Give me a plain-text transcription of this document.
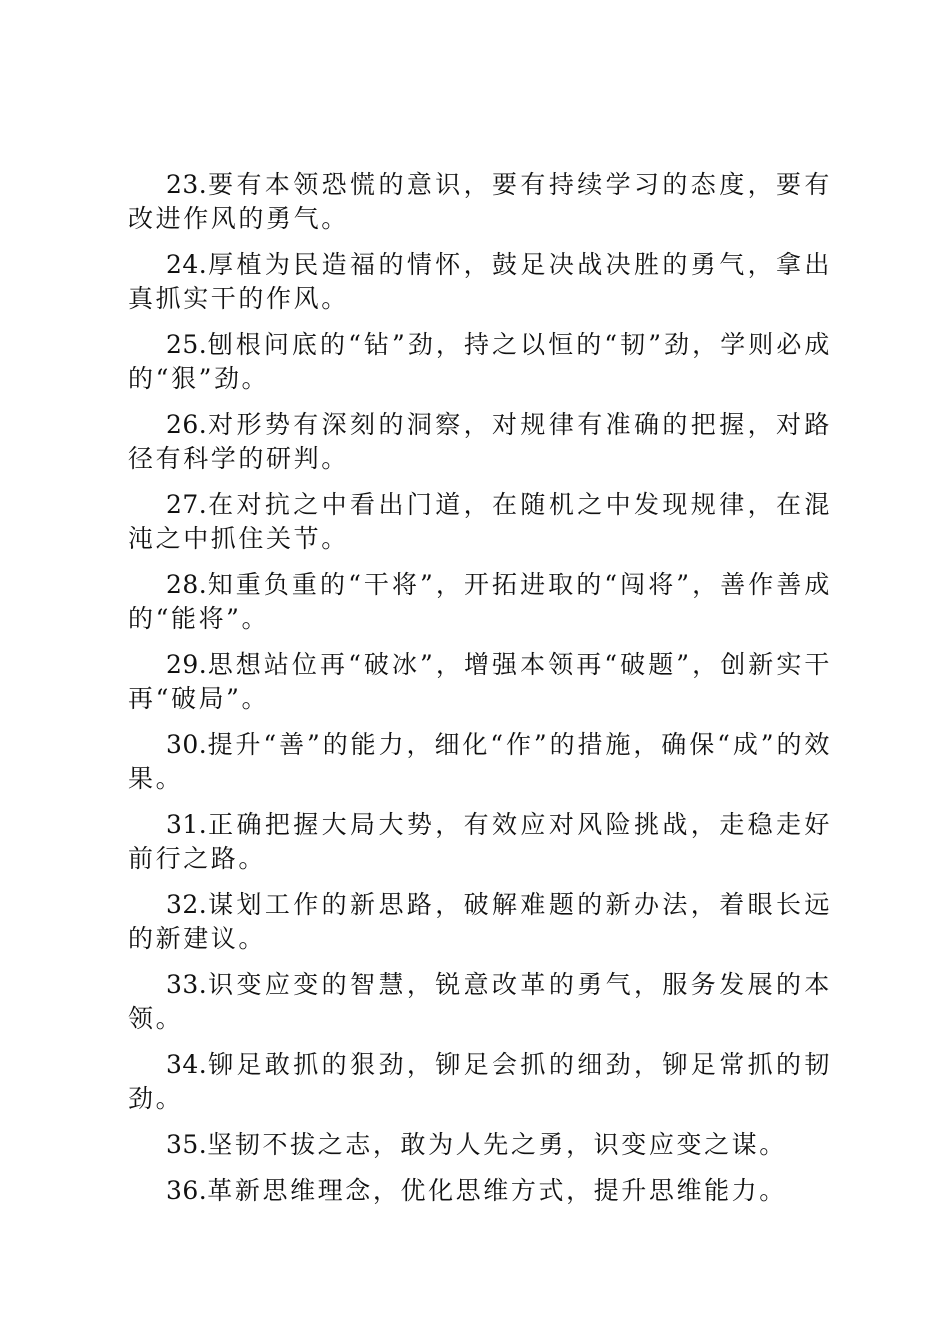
23.要有本领恐慌的意识，要有持续学习的态度，要有改进作风的勇气。

24.厚植为民造福的情怀，鼓足决战决胜的勇气，拿出真抓实干的作风。

25.刨根问底的“钻”劲，持之以恒的“韧”劲，学则必成的“狠”劲。

26.对形势有深刻的洞察，对规律有准确的把握，对路径有科学的研判。

27.在对抗之中看出门道，在随机之中发现规律，在混沌之中抓住关节。

28.知重负重的“干将”，开拓进取的“闯将”，善作善成的“能将”。

29.思想站位再“破冰”，增强本领再“破题”，创新实干再“破局”。

30.提升“善”的能力，细化“作”的措施，确保“成”的效果。

31.正确把握大局大势，有效应对风险挑战，走稳走好前行之路。

32.谋划工作的新思路，破解难题的新办法，着眼长远的新建议。

33.识变应变的智慧，锐意改革的勇气，服务发展的本领。

34.铆足敢抓的狠劲，铆足会抓的细劲，铆足常抓的韧劲。

35.坚韧不拔之志，敢为人先之勇，识变应变之谋。

36.革新思维理念，优化思维方式，提升思维能力。
